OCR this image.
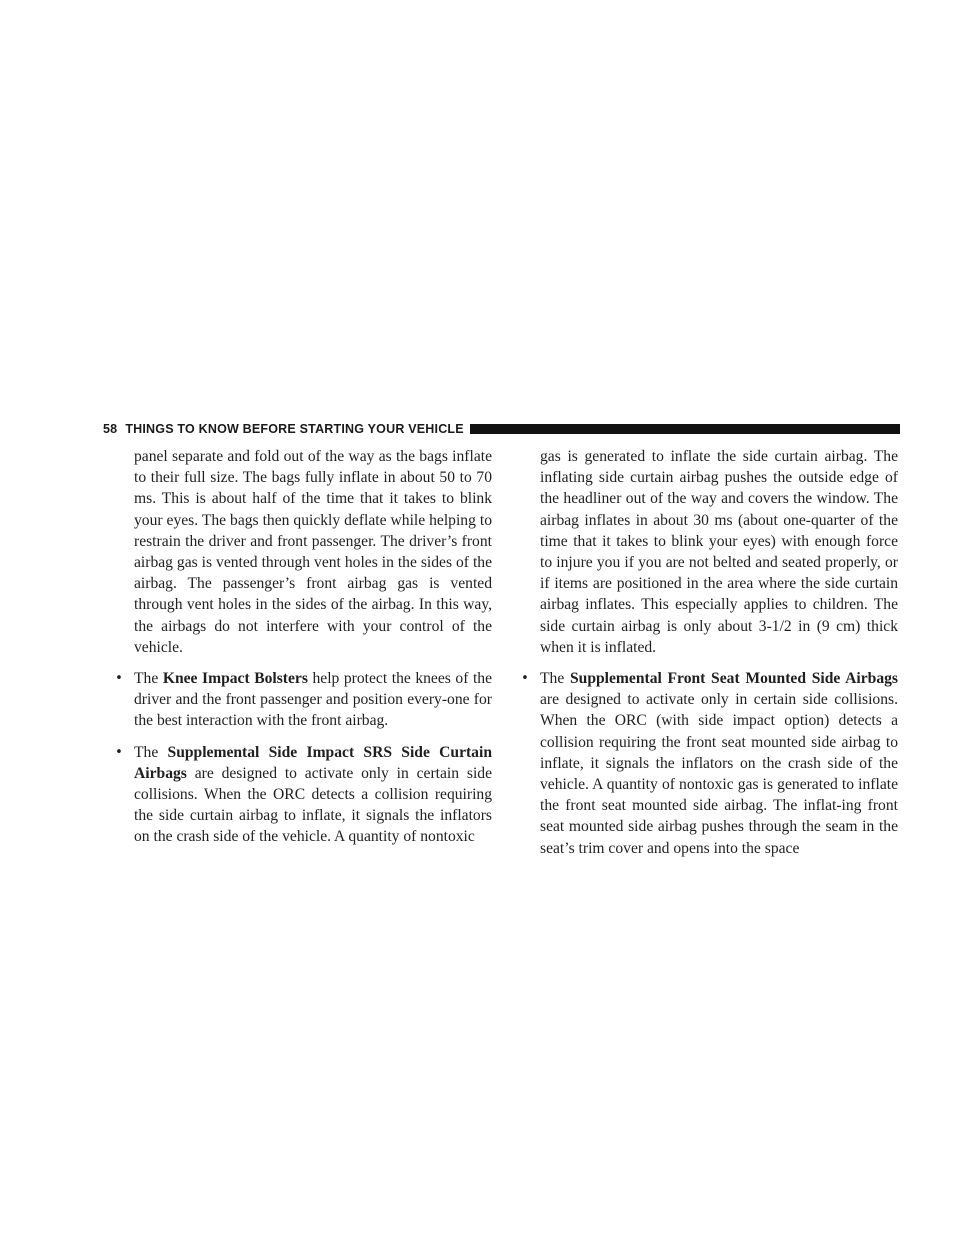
58 THINGS TO KNOW BEFORE STARTING YOUR VEHICLE

panel separate and fold out of the way as the bags inflate to their full size. The bags fully inflate in about 50 to 70 ms. This is about half of the time that it takes to blink your eyes. The bags then quickly deflate while helping to restrain the driver and front passenger. The driver’s front airbag gas is vented through vent holes in the sides of the airbag. The passenger’s front airbag gas is vented through vent holes in the sides of the airbag. In this way, the airbags do not interfere with your control of the vehicle.

• The Knee Impact Bolsters help protect the knees of the driver and the front passenger and position every-one for the best interaction with the front airbag.
• The Supplemental Side Impact SRS Side Curtain Airbags are designed to activate only in certain side collisions. When the ORC detects a collision requiring the side curtain airbag to inflate, it signals the inflators on the crash side of the vehicle. A quantity of nontoxic

gas is generated to inflate the side curtain airbag. The inflating side curtain airbag pushes the outside edge of the headliner out of the way and covers the window. The airbag inflates in about 30 ms (about one-quarter of the time that it takes to blink your eyes) with enough force to injure you if you are not belted and seated properly, or if items are positioned in the area where the side curtain airbag inflates. This especially applies to children. The side curtain airbag is only about 3-1/2 in (9 cm) thick when it is inflated.

• The Supplemental Front Seat Mounted Side Airbags are designed to activate only in certain side collisions. When the ORC (with side impact option) detects a collision requiring the front seat mounted side airbag to inflate, it signals the inflators on the crash side of the vehicle. A quantity of nontoxic gas is generated to inflate the front seat mounted side airbag. The inflat-ing front seat mounted side airbag pushes through the seam in the seat’s trim cover and opens into the space
